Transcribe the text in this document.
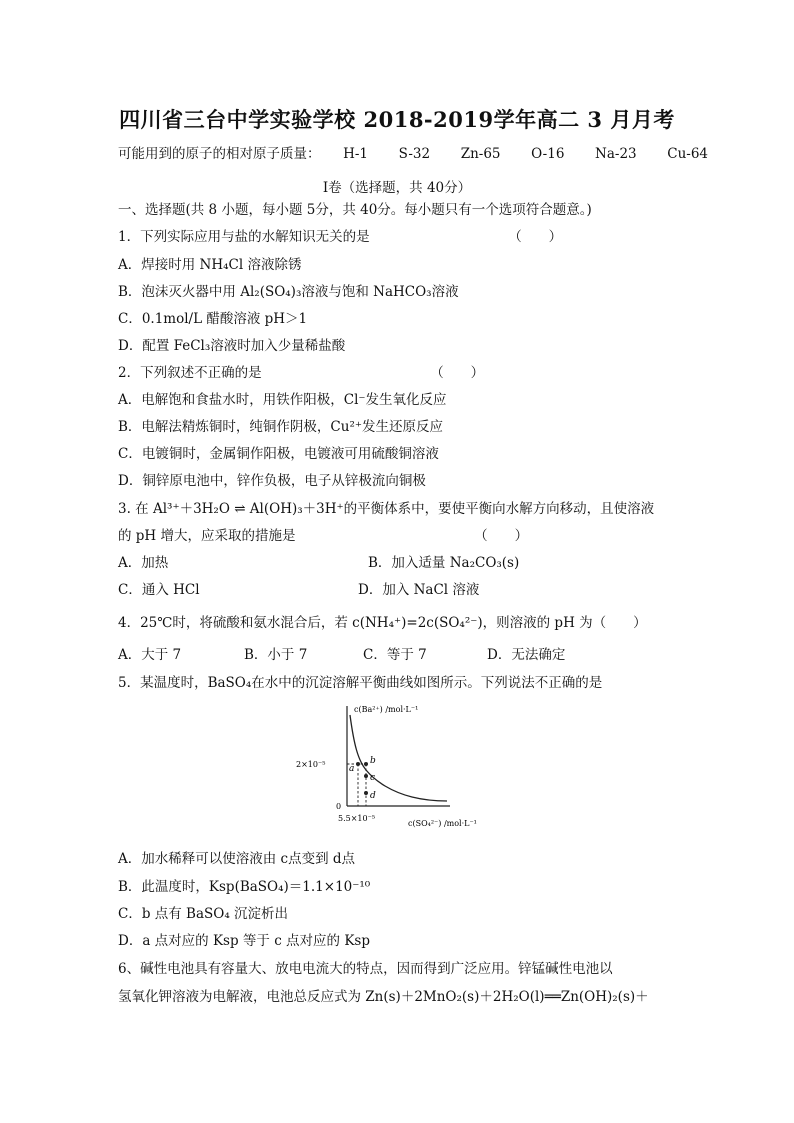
四川省三台中学实验学校 2018-2019学年高二 3 月月考
可能用到的原子的相对原子质量： H-1 S-32 Zn-65 O-16 Na-23 Cu-64
Ⅰ卷（选择题，共 40分）
一、选择题(共 8 小题，每小题 5分，共 40分。每小题只有一个选项符合题意。)
1．下列实际应用与盐的水解知识无关的是	（　　）
A．焊接时用 NH₄Cl 溶液除锈
B．泡沫灭火器中用 Al₂(SO₄)₃溶液与饱和 NaHCO₃溶液
C．0.1mol/L 醋酸溶液 pH＞1
D．配置 FeCl₃溶液时加入少量稀盐酸
2．下列叙述不正确的是	（　　）
A．电解饱和食盐水时，用铁作阳极，Cl⁻发生氧化反应
B．电解法精炼铜时，纯铜作阴极，Cu²⁺发生还原反应
C．电镀铜时，金属铜作阳极，电镀液可用硫酸铜溶液
D．铜锌原电池中，锌作负极，电子从锌极流向铜极
3. 在 Al³⁺＋3H₂O ⇌ Al(OH)₃＋3H⁺的平衡体系中，要使平衡向水解方向移动，且使溶液
的 pH 增大，应采取的措施是	（　　）
A．加热	B．加入适量 Na₂CO₃(s)
C．通入 HCl	D．加入 NaCl 溶液
4．25℃时，将硫酸和氨水混合后，若 c(NH₄⁺)=2c(SO₄²⁻)，则溶液的 pH 为（　　）
A．大于 7	B．小于 7	C．等于 7	D．无法确定
5．某温度时，BaSO₄在水中的沉淀溶解平衡曲线如图所示。下列说法不正确的是
a
b
c
d
c(Ba²⁺) /mol·L⁻¹
2×10⁻⁵
0
5.5×10⁻⁵
c(SO₄²⁻) /mol·L⁻¹
A．加水稀释可以使溶液由 c点变到 d点
B．此温度时，Ksp(BaSO₄)＝1.1×10⁻¹⁰
C．b 点有 BaSO₄ 沉淀析出
D．a 点对应的 Ksp 等于 c 点对应的 Ksp
6、碱性电池具有容量大、放电电流大的特点，因而得到广泛应用。锌锰碱性电池以
氢氧化钾溶液为电解液，电池总反应式为 Zn(s)＋2MnO₂(s)＋2H₂O(l)══Zn(OH)₂(s)＋
